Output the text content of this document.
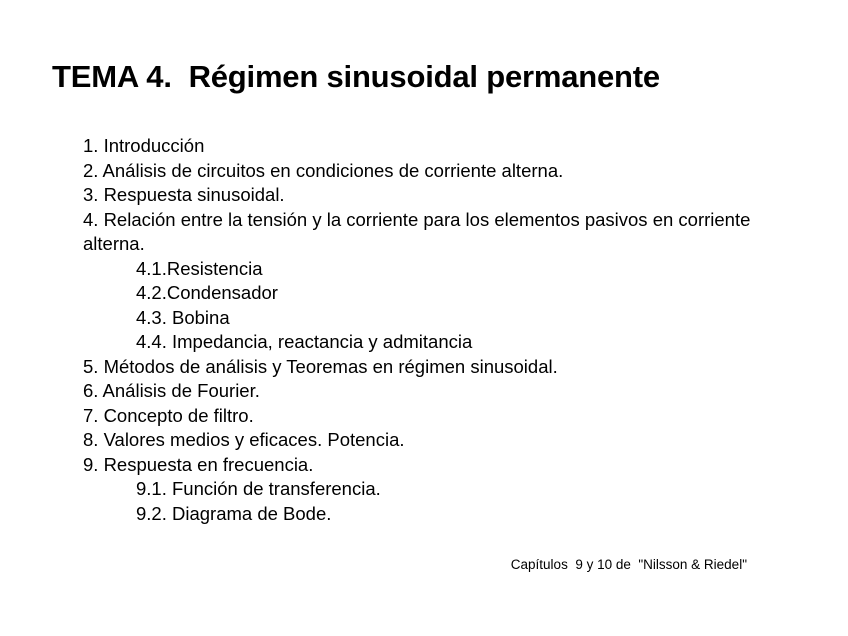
TEMA 4.  Régimen sinusoidal permanente
1. Introducción
2. Análisis de circuitos en condiciones de corriente alterna.
3. Respuesta sinusoidal.
4. Relación entre la tensión y la corriente para los elementos pasivos en corriente alterna.
4.1.Resistencia
4.2.Condensador
4.3. Bobina
4.4. Impedancia, reactancia y admitancia
5. Métodos de análisis y Teoremas en régimen sinusoidal.
6. Análisis de Fourier.
7. Concepto de filtro.
8. Valores medios y eficaces. Potencia.
9. Respuesta en frecuencia.
9.1. Función de transferencia.
9.2. Diagrama de Bode.

Capítulos  9 y 10 de  "Nilsson & Riedel"
